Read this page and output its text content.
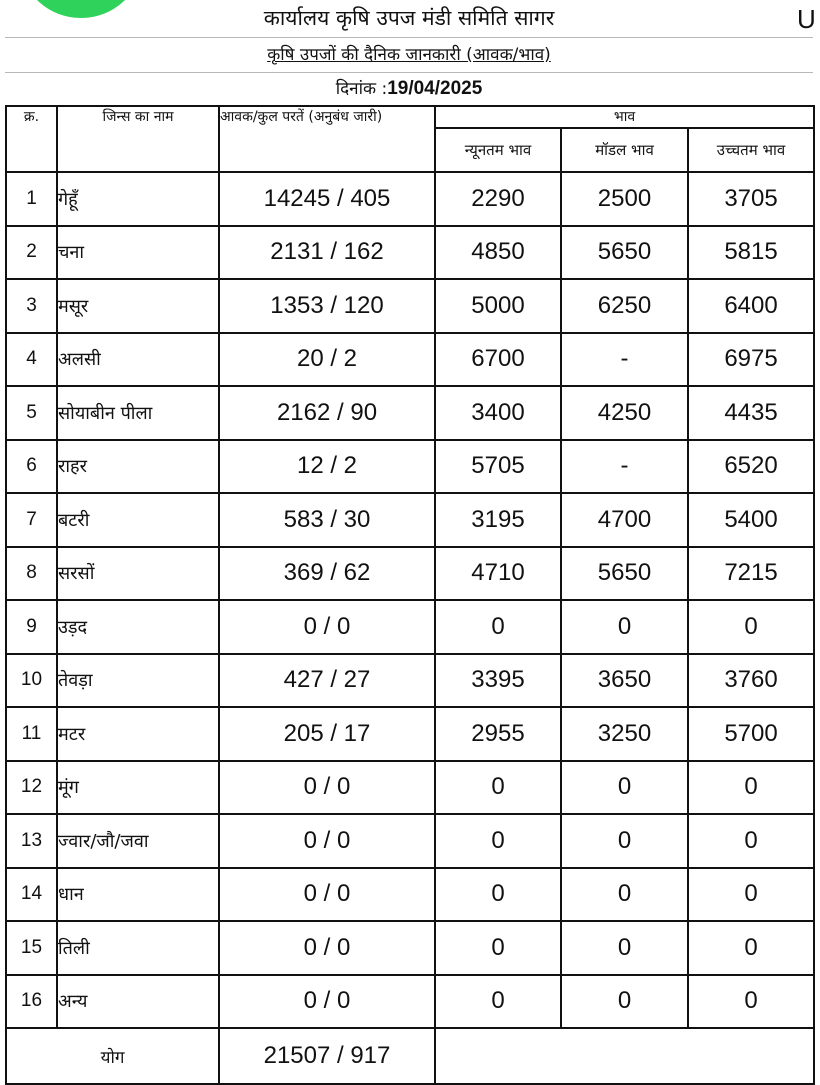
U
कार्यालय कृषि उपज मंडी समिति सागर
कृषि उपजों की दैनिक जानकारी (आवक/भाव)
दिनांक :19/04/2025
क्र.	जिन्स का नाम	आवक/कुल परतें (अनुबंध जारी)	भाव		
			न्यूनतम भाव	मॉडल भाव	उच्चतम भाव
1	गेहूँ	14245 / 405	2290	2500	3705
2	चना	2131 / 162	4850	5650	5815
3	मसूर	1353 / 120	5000	6250	6400
4	अलसी	20 / 2	6700	-	6975
5	सोयाबीन पीला	2162 / 90	3400	4250	4435
6	राहर	12 / 2	5705	-	6520
7	बटरी	583 / 30	3195	4700	5400
8	सरसों	369 / 62	4710	5650	7215
9	उड़द	0 / 0	0	0	0
10	तेवड़ा	427 / 27	3395	3650	3760
11	मटर	205 / 17	2955	3250	5700
12	मूंग	0 / 0	0	0	0
13	ज्वार/जौ/जवा	0 / 0	0	0	0
14	धान	0 / 0	0	0	0
15	तिली	0 / 0	0	0	0
16	अन्य	0 / 0	0	0	0
योग		21507 / 917			
